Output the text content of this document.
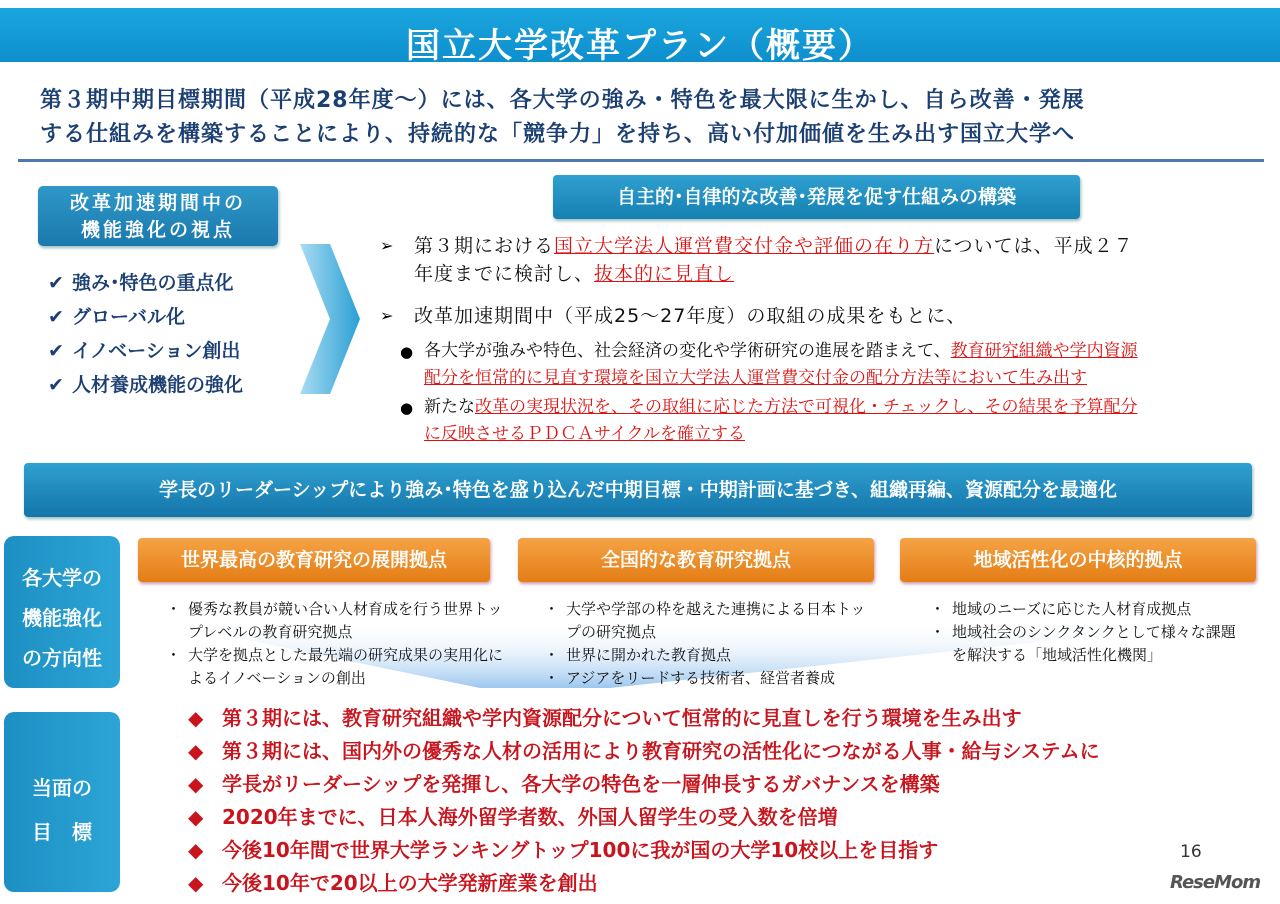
国立大学改革プラン（概要）
第３期中期目標期間（平成28年度～）には、各大学の強み・特色を最大限に生かし、自ら改善・発展
する仕組みを構築することにより、持続的な「競争力」を持ち、高い付加価値を生み出す国立大学へ
改革加速期間中の
機能強化の視点
✔ 強み･特色の重点化
✔ グローバル化
✔ イノベーション創出
✔ 人材養成機能の強化
自主的･自律的な改善･発展を促す仕組みの構築
➢ 第３期における国立大学法人運営費交付金や評価の在り方については、平成２７
年度までに検討し、抜本的に見直し
➢ 改革加速期間中（平成25～27年度）の取組の成果をもとに、
● 各大学が強みや特色、社会経済の変化や学術研究の進展を踏まえて、教育研究組織や学内資源
配分を恒常的に見直す環境を国立大学法人運営費交付金の配分方法等において生み出す
● 新たな改革の実現状況を、その取組に応じた方法で可視化・チェックし、その結果を予算配分
に反映させるＰＤＣＡサイクルを確立する
学長のリーダーシップにより強み･特色を盛り込んだ中期目標・中期計画に基づき、組織再編、資源配分を最適化
各大学の
機能強化
の方向性
世界最高の教育研究の展開拠点	全国的な教育研究拠点	地域活性化の中核的拠点
・ 優秀な教員が競い合い人材育成を行う世界トップレベルの教育研究拠点
・ 大学を拠点とした最先端の研究成果の実用化によるイノベーションの創出
・ 大学や学部の枠を越えた連携による日本トップの研究拠点
・ 世界に開かれた教育拠点
・ アジアをリードする技術者、経営者養成
・ 地域のニーズに応じた人材育成拠点
・ 地域社会のシンクタンクとして様々な課題を解決する「地域活性化機関」
当面の
目　標
◆ 第３期には、教育研究組織や学内資源配分について恒常的に見直しを行う環境を生み出す
◆ 第３期には、国内外の優秀な人材の活用により教育研究の活性化につながる人事・給与システムに
◆ 学長がリーダーシップを発揮し、各大学の特色を一層伸長するガバナンスを構築
◆ 2020年までに、日本人海外留学者数、外国人留学生の受入数を倍増
◆ 今後10年間で世界大学ランキングトップ100に我が国の大学10校以上を目指す
◆ 今後10年で20以上の大学発新産業を創出
16
ReseMom
